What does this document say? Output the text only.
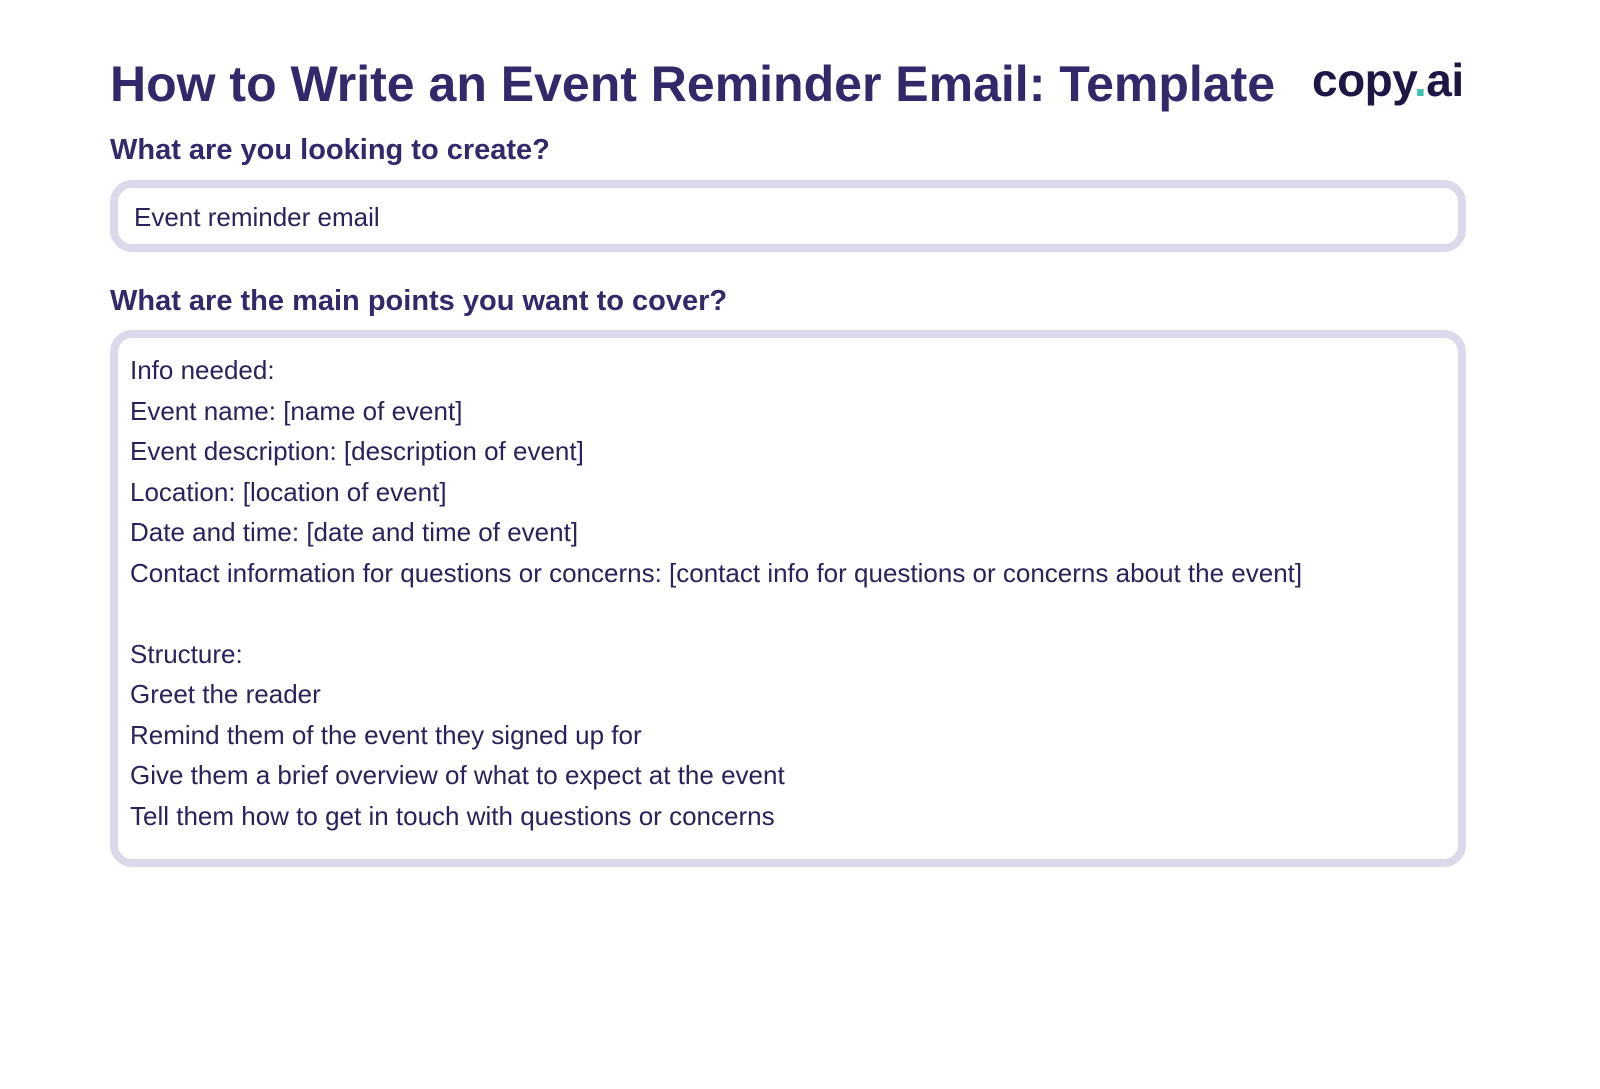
How to Write an Event Reminder Email: Template copy.ai
What are you looking to create?
Event reminder email
What are the main points you want to cover?
Info needed:
Event name: [name of event]
Event description: [description of event]
Location: [location of event]
Date and time: [date and time of event]
Contact information for questions or concerns: [contact info for questions or concerns about the event]
Structure:
Greet the reader
Remind them of the event they signed up for
Give them a brief overview of what to expect at the event
Tell them how to get in touch with questions or concerns
